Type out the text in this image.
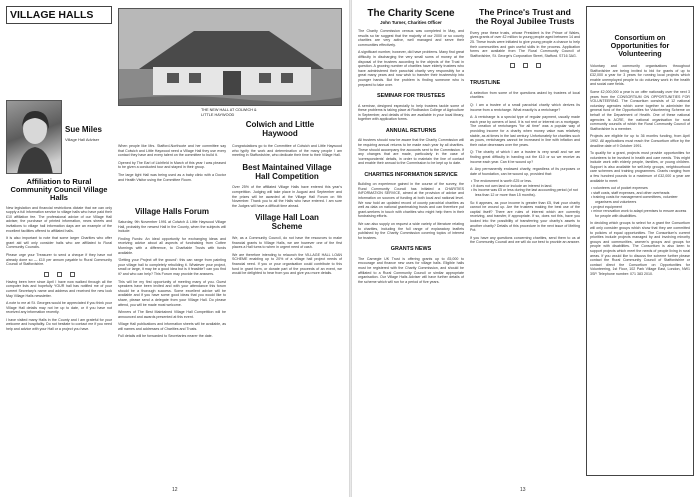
VILLAGE HALLS
Sue Miles
Village Hall Adviser
Affiliation to Rural Community Council Village Halls

New legislation and financial restrictions dictate that we can only supply a full information service to village halls who have paid their £10 affiliation fee. The professional advice of our Village Hall adviser, the purchase of printed information, news sheets and invitations to village hall information days are an example of the excellent facilities offered to affiliated halls.

It is also important to note that some larger Charities who offer grant aid will only consider halls who are affiliated to Rural Community Councils.

Please urge your Treasurer to send a cheque if they have not already done so — £10 per annum payable to Rural Community Council of Staffordshire.

Having been here since April I have now walked through all the computer lists and hopefully YOUR hall has notified me of your current Secretary's name and address and received the new look May Village Halls newsletter.

A note to me at St. Georges would be appreciated if you think your Village Hall details may not be up to date, or if you have not received any information recently.

I have visited many Halls in the County and I am grateful for your welcome and hospitality. Do not hesitate to contact me if you need help and advice with your Hall or a project you have.

THE NEW HALL AT COLWICH & LITTLE HAYWOOD
Village Halls Forum

Saturday, 9th November 1991 at Colwich & Little Haywood Village Hall, probably the newest Hall in the County, when the subjects will include:

Finding Funds: An ideal opportunity for exchanging ideas and receiving advice about all aspects of fundraising from Cottee Mornings with a difference, to Charitable Trusts with funds available.

'Getting your Project off the ground': this can range from painting your village hall to completely rebuilding it. Whatever your project, small or large, it may be a good idea but is it feasible? can you find it? and who can help? This Forum may provide the answers.

This will be my first opportunity of meeting many of you. Guest speakers have been invited and with your attendance this forum should be a thorough success. Some excellent advice will be available and if you have some good ideas that you would like to share, please send a delegate from your Village Hall. Do please attend, you will be made most welcome.

Winners of The Best Maintained Village Hall Competition will be announced and awards presented at this event.

Village Hall publications and information sheets will be available, as will names and addresses of Charities and Trusts.

Full details will be forwarded to Secretaries nearer the date.

Colwich and Little Haywood

When people like Mrs. Stafford-Northcote and her committee say that Colwich and Little Haywood need a Village Hall they use every contact they have and every talent on the committee to build it.

Opened by The Earl of Lichfield in March of this year I was pleased to be given a conducted tour and stayed in their group.

The large light Hall was being used as a baby clinic with a Doctor and Health Visitor using the Committee Room.

Congratulations go to the Committee of Colwich and Little Haywood who typify the work and determination of the many people I am meeting in Staffordshire, who dedicate their time to their Village Hall.

Best Maintained Village Hall Competition

Over 25% of the affiliated Village Halls have entered this year's competition. Judging will take place in August and September and the prizes will be awarded at the Village Hall Forum on 9th November. Thank you to all the Halls who have entered. I am sure the Judges will have a difficult time ahead.

Village Hall Loan Scheme

We, as a Community Council, do not have the resources to make financial grants to Village Halls, we are however one of the first places a Hall turns to when in urgent need of cash.

We are therefore intending to relaunch the VILLAGE HALL LOAN SCHEME enabling up to 20% of a village hall project needs of financial need. If you or your organisation could contribute to this fund in grant form, or donate part of the proceeds of an event, we would be delighted to hear from you and give you more details.

12
The Charity Scene
John Turner, Charities Officer

The Charity Commission census was completed in May, and results so far suggest that the majority of our 2000 or so county charities are very active, well managed and serve their communities effectively.

A significant number, however, did have problems. Many find great difficulty in discharging the very small sums of money at the disposal of the trustees according to the objects of the Trust in question. A growing number of charities have elderly trustees who have administered their parochial charity very responsibly for a great many years and now wish to transfer their trusteeship into younger hands. But the problem is finding someone who is prepared to take over.

SEMINAR FOR TRUSTEES

A seminar, designed especially to help trustees tackle some of these problems is taking place at Rodbaston College of Agriculture in September, and details of this are available in your local library, together with application forms.

ANNUAL RETURNS

All trustees should now be aware that the Charity Commission will be requiring annual returns to be made each year by all charities. These should accompany the accounts sent to the Commission. If any changes that are made, particularly in the case of 'correspondents' details, in order to maintain the line of contact and enable their annual to the Commission to be kept up to date.

CHARITIES INFORMATION SERVICE

Building on experience gained in the course of the survey, the Rural Community Council has initiated a CHARITIES INFORMATION SERVICE, aimed at the provision of advice and information on sources of funding at both local and national level. We now hold an updated record of county parochial charities as well as data on national grantmaking trusts and can therefore put grant-seekers in touch with charities who might help them in their fundraising efforts.

We can also supply on request a wide variety of literature relating to charities, including the full range of explanatory leaflets published by the Charity Commission covering topics of interest for trustees.

GRANTS NEWS

The Carnegie UK Trust is offering grants up to £5,000 to encourage and finance new uses for village halls. Eligible halls must be registered with the Charity Commission, and should be affiliated to a Rural Community Council or similar appropriate organisation. Our Village Halls Adviser will have further details of the scheme which will run for a period of five years.

The Prince's Trust and the Royal Jubilee Trusts

Every year these trusts, whose President is the Prince of Wales, gives grants of over £2 million to young people aged between 14 and 25. These trusts were initiated to give young people a chance to help their communities and gain useful skills in the process. Application forms are available from The Rural Community Council of Staffordshire, St. George's Corporation Street, Stafford. ST16 3AG.

TRUSTLINE

A selection from some of the questions asked by trustees of local charities:

Q: I am a trustee of a small parochial charity which derives its income from a rentcharge. What exactly is a rentcharge?

A: A rentcharge is a special type of regular payment, usually made each year by owners of land. It is not rent or interest on a mortgage. The creation of rentcharges "for all time" was a popular way of providing income for a charity when money value was relatively stable, as at times in the last century. Unfortunately for charities such as yours, rentcharges cannot be increased in line with inflation and their value decreases over the years.

Q: The charity of which I am a trustee is very small and we are finding great difficulty in handing out the £10 or so we receive as income each year. Can it be wound up?

A: Any permanently endowed charity, regardless of its purposes or date of foundation, can be wound up, provided that:

• The endowment is worth £25 or less.
• It does not own land or include an interest in land.
• Its income was £5 or less during the last accounting period (of not less than 12 or more than 15 months).

So it appears, as your income is greater than £5, that your charity cannot be wound up. Are the trustees making the best use of the capital itself? There are rules of interest which are currently receiving, and transfer, if appropriate. If so, does not this, have you looked into the possibility of transferring your charity's assets to another charity? Details of this procedure in the next issue of Melting Pot.

If you have any questions concerning charities, send them to us at the Community Council and we will do our best to provide an answer.

Consortium on Opportunities for Volunteering

Voluntary and community organisations throughout Staffordshire are being invited to bid for grants of up to £32,000 a year for 3 years for running local projects which enable unemployed people to do voluntary work in the health and social care fields.

Some £2,000,000 a year is on offer nationally over the next 3 years from the CONSORTIUM ON OPPORTUNITIES FOR VOLUNTEERING. The Consortium consists of 12 national voluntary agencies which come together to administer the general fund of the Opportunities for Volunteering Scheme on behalf of the Department of Health. One of these national agencies is ACRE, the national organisation for rural community councils of which the Rural Community Council of Staffordshire is a member.

Projects are eligible for up to 36 months funding, from April 1992. All applications must reach the Consortium office by the deadline date of 9 October 1991.

To qualify for a grant, projects must provide opportunities for volunteers to be involved in health and care needs. This might include work with elderly people, families, or young children. Support is also available for self-help groups, neighbourhood care schemes and training programmes. Grants ranging from a few hundred pounds to a maximum of £32,000 a year are available to meet:

• volunteers out of pocket expenses
• staff costs, staff expenses, and other overheads
• training costs for management committees, volunteer organisers and volunteers
• project equipment
• minor renovation work to adapt premises to ensure access for people with disabilities.

In deciding which groups to select for a grant the Consortium will only consider groups which show that they are committed to policies of equal opportunities. The Consortium's current priorities include projects managed by and involving minority groups and communities, women's groups and groups for people with disabilities. The Consortium is also keen to support projects which meet the needs of people living in rural areas. If you would like to discuss the scheme further please contact the Rural Community Council of Staffordshire or contact direct the Consortium on Opportunities for Volunteering, 1st Floor, 102 Park Village East, London, NW1 3SP. Telephone number: 071 383 2010.

13
